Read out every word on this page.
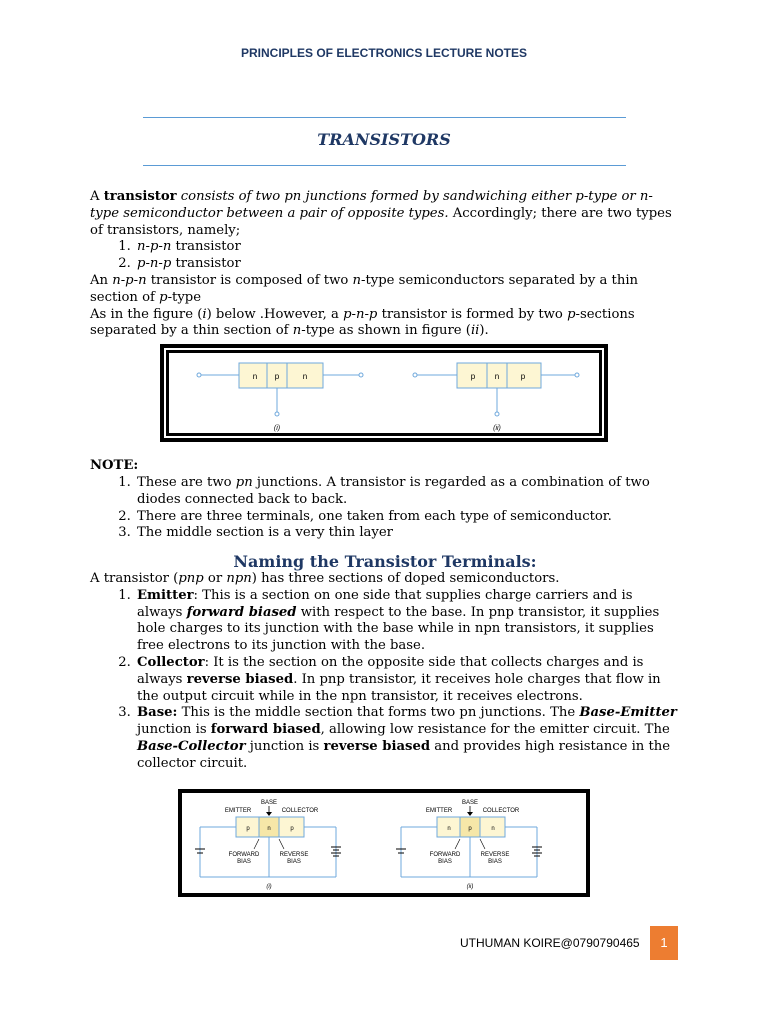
PRINCIPLES OF ELECTRONICS LECTURE NOTES
TRANSISTORS

A transistor consists of two pn junctions formed by sandwiching either p-type or n-type semiconductor between a pair of opposite types. Accordingly; there are two types of transistors, namely;

1. n-p-n transistor
2. p-n-p transistor

An n-p-n transistor is composed of two n-type semiconductors separated by a thin section of p-type

As in the figure (i) below .However, a p-n-p transistor is formed by two p-sections separated by a thin section of n-type as shown in figure (ii).

n p	n
(i)
p n	p
(ii)

NOTE:

1. These are two pn junctions. A transistor is regarded as a combination of two diodes connected back to back.
2. There are three terminals, one taken from each type of semiconductor.
3. The middle section is a very thin layer

Naming the Transistor Terminals:

A transistor (pnp or npn) has three sections of doped semiconductors.

1. Emitter: This is a section on one side that supplies charge carriers and is always forward biased with respect to the base. In pnp transistor, it supplies hole charges to its junction with the base while in npn transistors, it supplies free electrons to its junction with the base.
2. Collector: It is the section on the opposite side that collects charges and is always reverse biased. In pnp transistor, it receives hole charges that flow in the output circuit while in the npn transistor, it receives electrons.
3. Base: This is the middle section that forms two pn junctions. The Base-Emitter junction is forward biased, allowing low resistance for the emitter circuit. The Base-Collector junction is reverse biased and provides high resistance in the collector circuit.
BASE
EMITTER	COLLECTOR
p	n	p
FORWARD
BIAS
REVERSE
BIAS
(i)
BASE
EMITTER	COLLECTOR
n	p	n
FORWARD
BIAS
REVERSE
BIAS
(ii)
UTHUMAN KOIRE@0790790465	1
